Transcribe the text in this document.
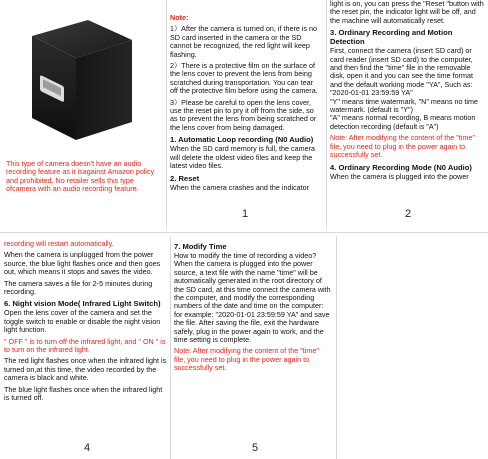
This type of camera doesn't have an audio recording feature as it isagainst Amazon policy and prohibited. No retailer sells this type ofcamera with an audio recording feature.

Note:

1）After the camera is turned on, if there is no SD card inserted in the camera or the SD cannot be recognized, the red light will keep flashing.

2）There is a protective film on the surface of the lens cover to prevent the lens from being scratched during transportation. You can tear off the protective film before using the camera.

3）Please be careful to open the lens cover, use the reset pin to pry it off from the side, so as to prevent the lens from being scratched or the lens cover from being damaged.

1. Automatic Loop recording (N0 Audio)

When the SD card memory is full, the camera will delete the oldest video files and keep the latest video files.

2. Reset

When the camera crashes and the indicator

1

light is on, you can press the "Reset "button with the reset pin, the indicator light will be off, and the machine will automatically reset.

3. Ordinary Recording and Motion Detection

First, connect the camera (insert SD card) or card reader (insert SD card) to the computer, and then find the "time" file in the removable disk, open it and you can see the time format and the default working mode "YA", Such as: "2020-01-01 23:59:59 YA"

"Y" means time watermark, "N" means no time watermark. (default is "Y")

"A" means normal recording, B means motion detection recording (default is "A")

Note: After modifying the content of the "time" file, you need to plug in the power again to successfully set.

4. Ordinary Recording Mode (N0 Audio)

When the camera is plugged into the power

2

recording will restart automatically.

When the camera is unplugged from the power source, the blue light flashes once and then goes out, which means it stops and saves the video.

The camera saves a file for 2-5 minutes during recording.

6. Night vision Mode( Infrared Light Switch)

Open the lens cover of the camera and set the toggle switch to enable or disable the night vision light function.

" OFF " is to turn off the infrared light, and " ON " is to turn on the infrared light.

The red light flashes once when the infrared light is turned on,at this time, the video recorded by the camera is black and white.

The blue light flashes once when the infrared light is turned off.

4
7. Modify Time

How to modify the time of recording a video? When the camera is plugged into the power source, a text file with the name "time" will be automatically generated in the root directory of the SD card, at this time connect the camera with the computer, and modify the corresponding numbers of the date and time on the computer: for example: "2020-01-01 23:59:59 YA" and save the file. After saving the file, exit the hardware safely, plug in the power again to work, and the time setting is complete.

Note: After modifying the content of the "time" file, you need to plug in the power again to successfully set.

5
